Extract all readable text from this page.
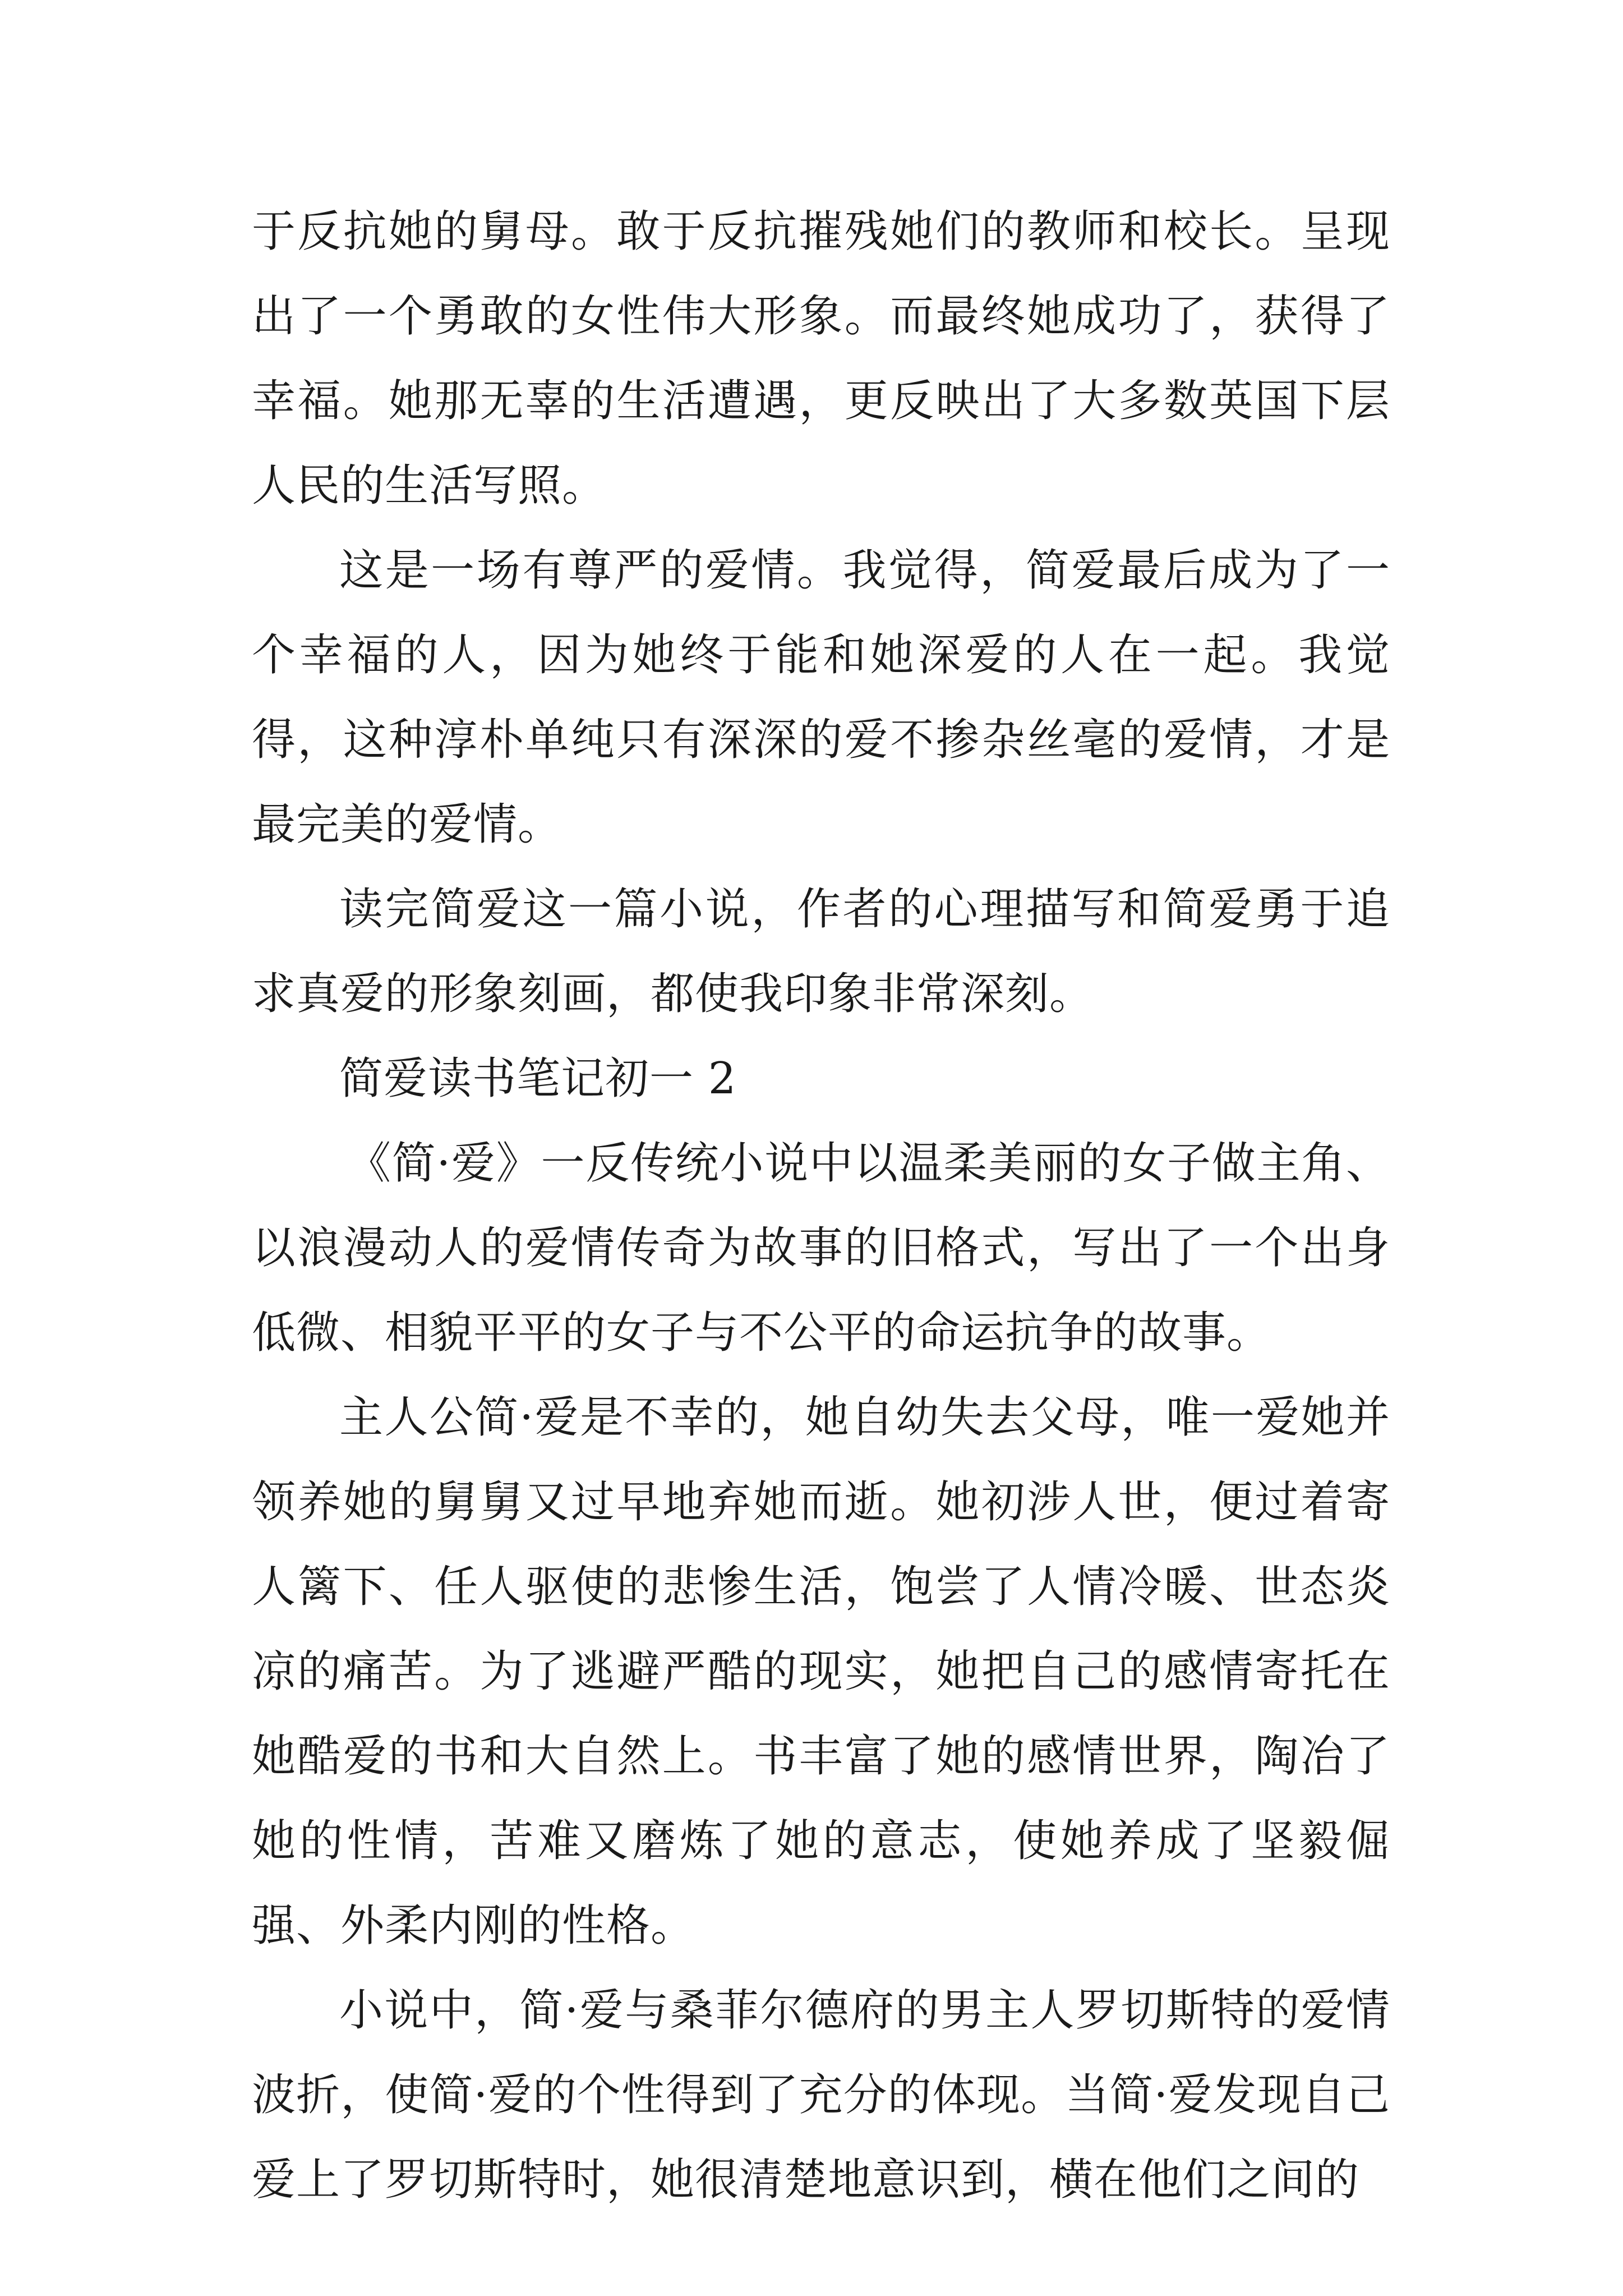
于反抗她的舅母。敢于反抗摧残她们的教师和校长。呈现出了一个勇敢的女性伟大形象。而最终她成功了，获得了幸福。她那无辜的生活遭遇，更反映出了大多数英国下层人民的生活写照。

这是一场有尊严的爱情。我觉得，简爱最后成为了一个幸福的人，因为她终于能和她深爱的人在一起。我觉得，这种淳朴单纯只有深深的爱不掺杂丝毫的爱情，才是最完美的爱情。

读完简爱这一篇小说，作者的心理描写和简爱勇于追求真爱的形象刻画，都使我印象非常深刻。

简爱读书笔记初一 2

《简·爱》一反传统小说中以温柔美丽的女子做主角、以浪漫动人的爱情传奇为故事的旧格式，写出了一个出身低微、相貌平平的女子与不公平的命运抗争的故事。

主人公简·爱是不幸的，她自幼失去父母，唯一爱她并领养她的舅舅又过早地弃她而逝。她初涉人世，便过着寄人篱下、任人驱使的悲惨生活，饱尝了人情冷暖、世态炎凉的痛苦。为了逃避严酷的现实，她把自己的感情寄托在她酷爱的书和大自然上。书丰富了她的感情世界，陶冶了她的性情，苦难又磨炼了她的意志，使她养成了坚毅倔强、外柔内刚的性格。

小说中，简·爱与桑菲尔德府的男主人罗切斯特的爱情波折，使简·爱的个性得到了充分的体现。当简·爱发现自己爱上了罗切斯特时，她很清楚地意识到，横在他们之间的
